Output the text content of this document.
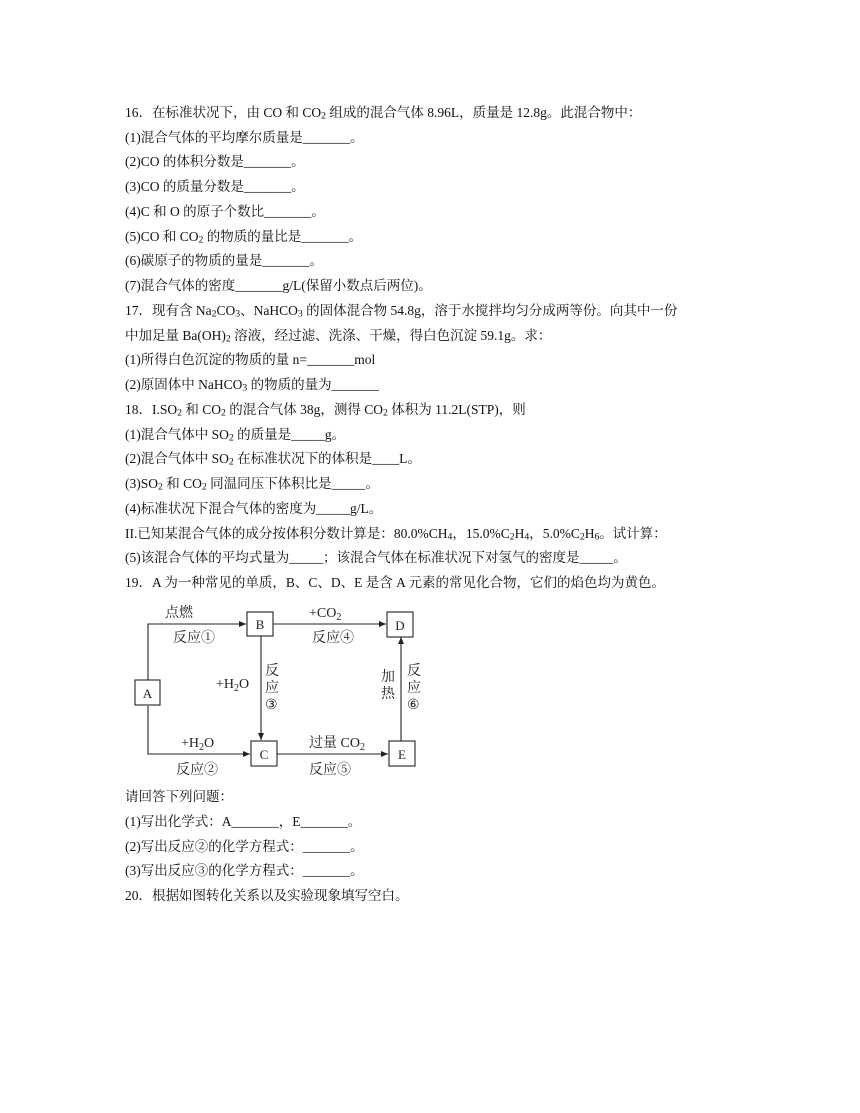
16．在标准状况下，由 CO 和 $CO_2$ 组成的混合气体 8.96L，质量是 12.8g。此混合物中：
(1)混合气体的平均摩尔质量是_______。
(2)CO 的体积分数是_______。
(3)CO 的质量分数是_______。
(4)C 和 O 的原子个数比_______。
(5)CO 和 $CO_2$ 的物质的量比是_______。
(6)碳原子的物质的量是_______。
(7)混合气体的密度_______g/L(保留小数点后两位)。
17．现有含 $Na_2CO_3$、NaHCO$_3$ 的固体混合物 54.8g，溶于水搅拌均匀分成两等份。向其中一份
中加足量 $Ba(OH)_2$ 溶液，经过滤、洗涤、干燥，得白色沉淀 59.1g。求：
(1)所得白色沉淀的物质的量 n=_______mol
(2)原固体中 NaHCO$_3$ 的物质的量为_______
18．$I.SO_2$ 和 $CO_2$ 的混合气体 38g，测得 $CO_2$ 体积为 11.2L(STP)，则
(1)混合气体中 $SO_2$ 的质量是_____g。
(2)混合气体中 $SO_2$ 在标准状况下的体积是____L。
$(3)SO_2$ 和 $CO_2$ 同温同压下体积比是_____。
(4)标准状况下混合气体的密度为_____g/L。
II.已知某混合气体的成分按体积分数计算是：$80.0\%CH_4$，$15.0\%C_2H_4$，$5.0\%C_2H_6$。试计算：
(5)该混合气体的平均式量为_____；该混合气体在标准状况下对氢气的密度是_____。
19．A 为一种常见的单质，B、C、D、E 是含 A 元素的常见化合物，它们的焰色均为黄色。
A
B
C
D
E
点燃
反应①
$+CO_2$
反应④
$+H_2O$
反
应
③
$+H_2O$
反应②
过量 $CO_2$
反应⑤
加
热
反
应
⑥
请回答下列问题：
(1)写出化学式：A_______，E_______。
(2)写出反应②的化学方程式：_______。
(3)写出反应③的化学方程式：_______。
20．根据如图转化关系以及实验现象填写空白。
